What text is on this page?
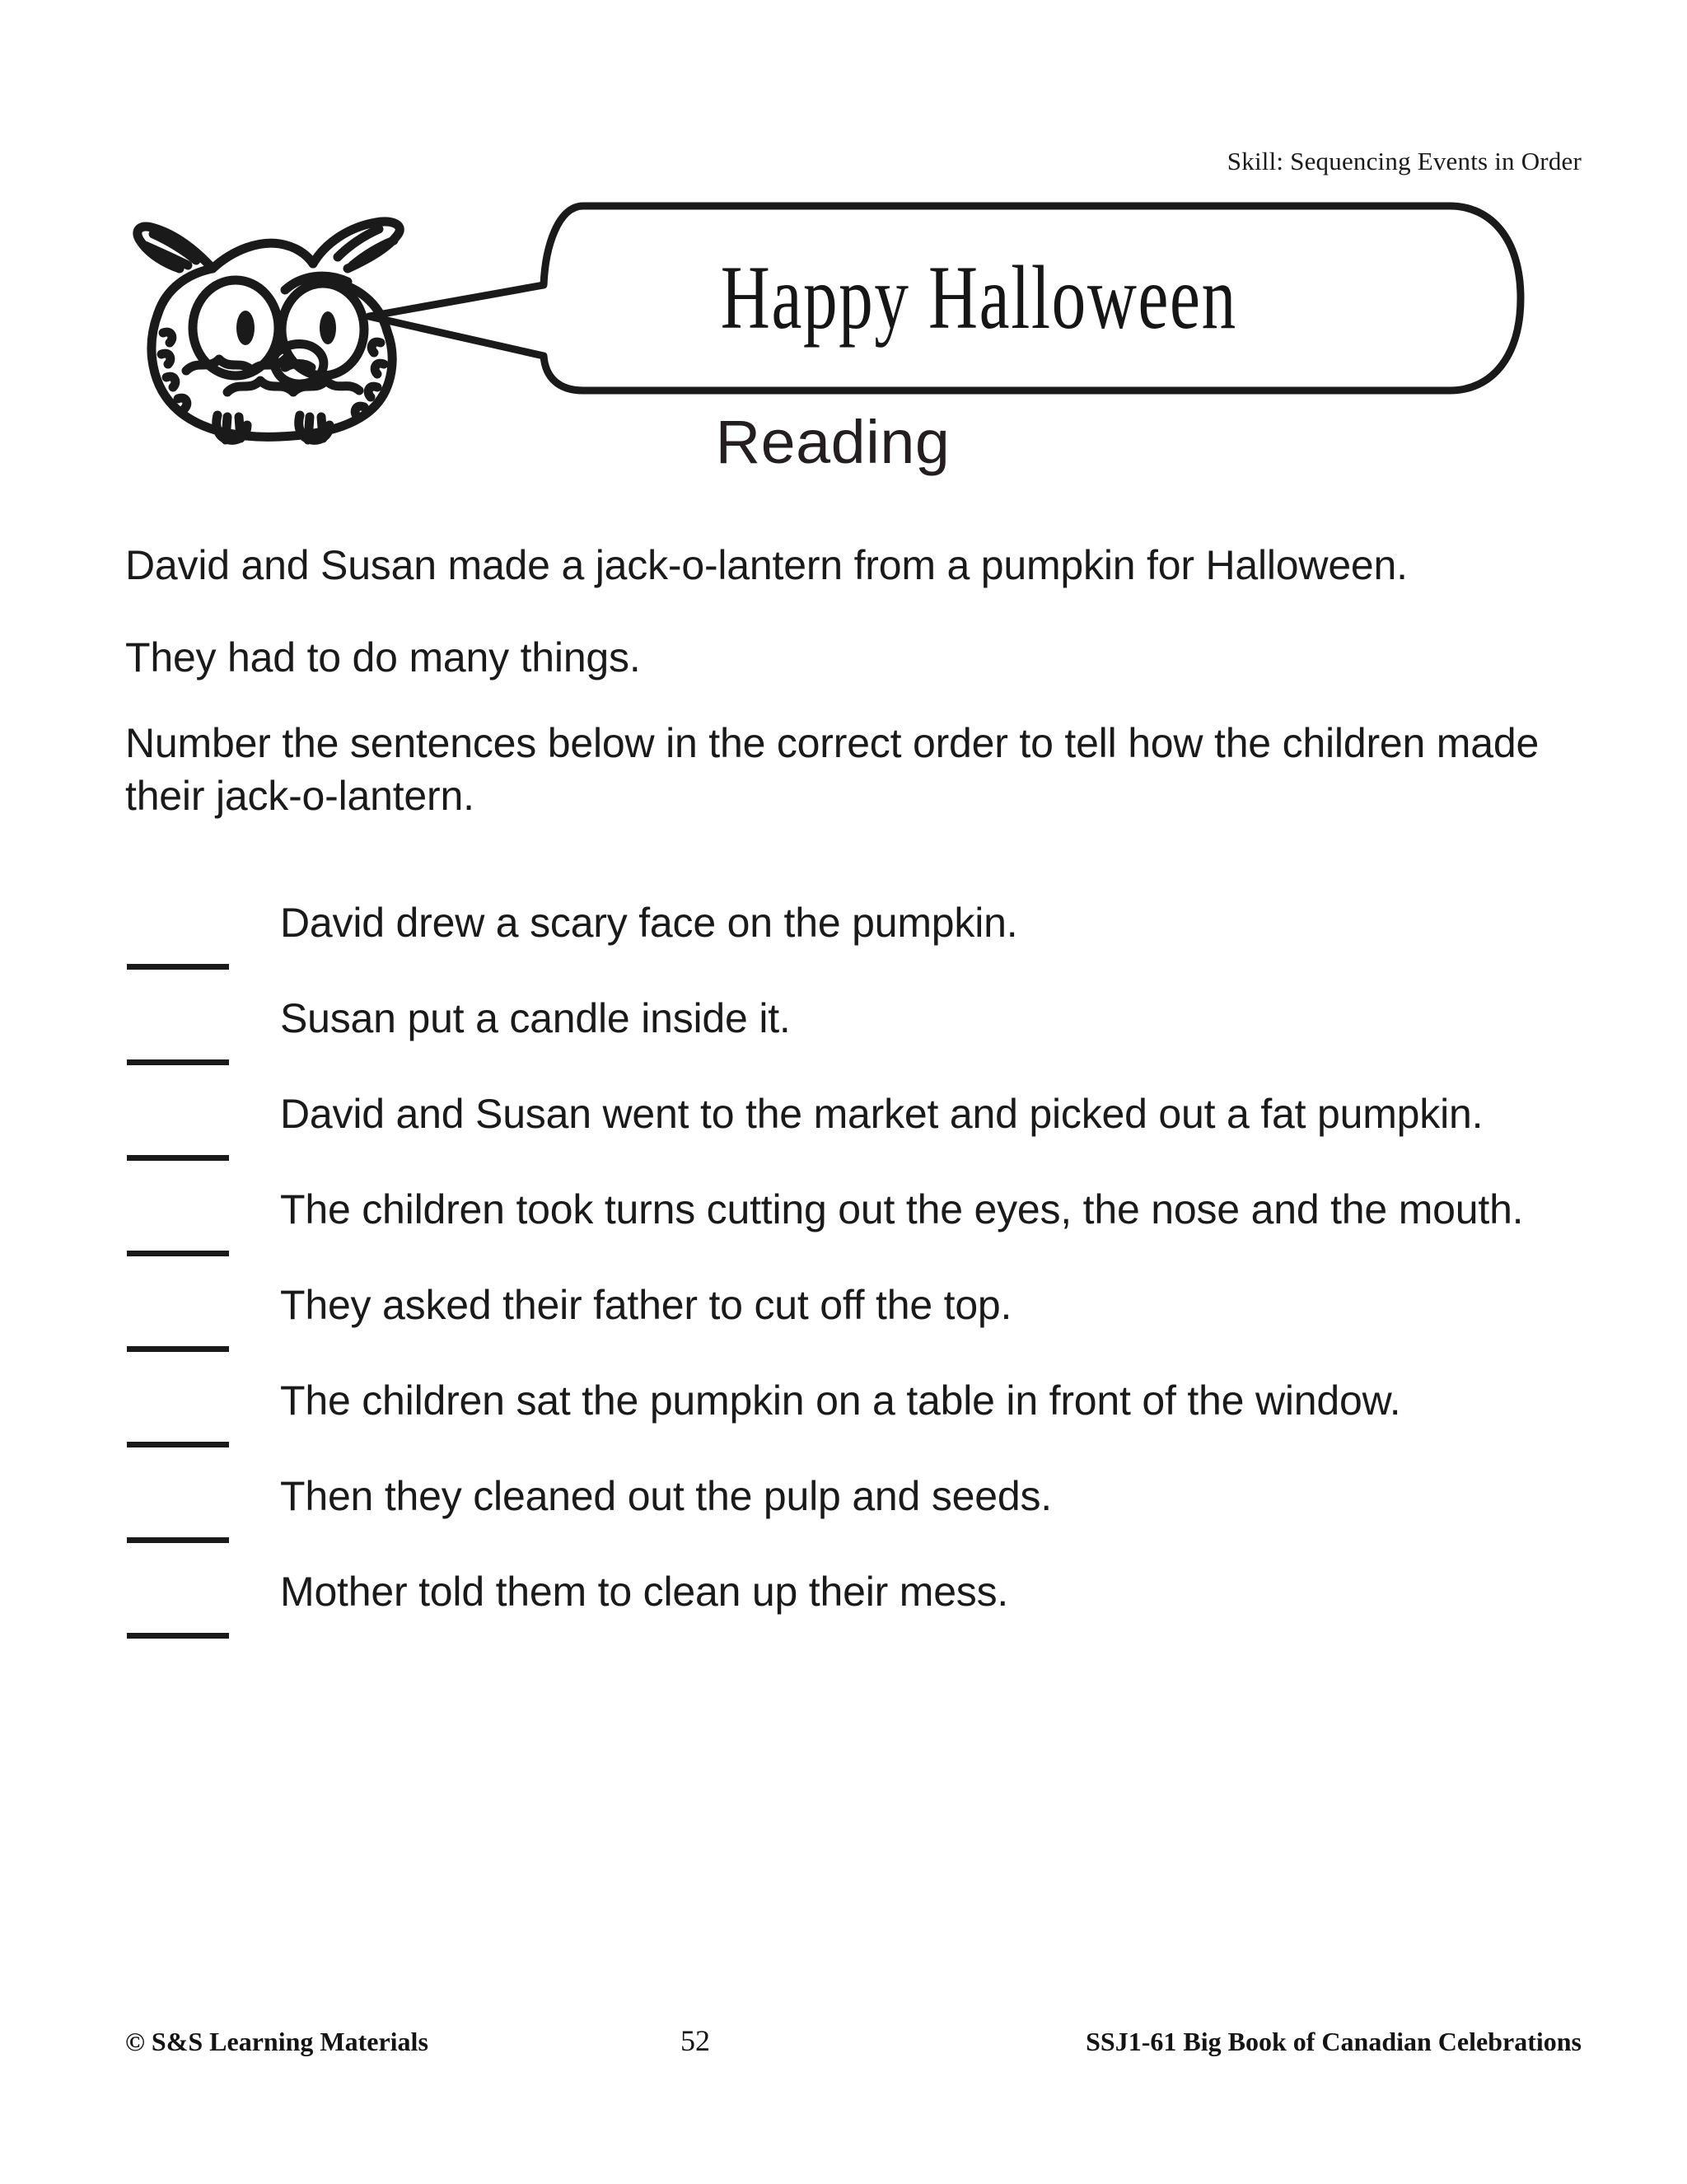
Skill: Sequencing Events in Order
Happy Halloween
Reading
David and Susan made a jack-o-lantern from a pumpkin for Halloween.
They had to do many things.
Number the sentences below in the correct order to tell how the children made their jack-o-lantern.
David drew a scary face on the pumpkin.
Susan put a candle inside it.
David and Susan went to the market and picked out a fat pumpkin.
The children took turns cutting out the eyes, the nose and the mouth.
They asked their father to cut off the top.
The children sat the pumpkin on a table in front of the window.
Then they cleaned out the pulp and seeds.
Mother told them to clean up their mess.
© S&S Learning Materials	52	SSJ1-61 Big Book of Canadian Celebrations
